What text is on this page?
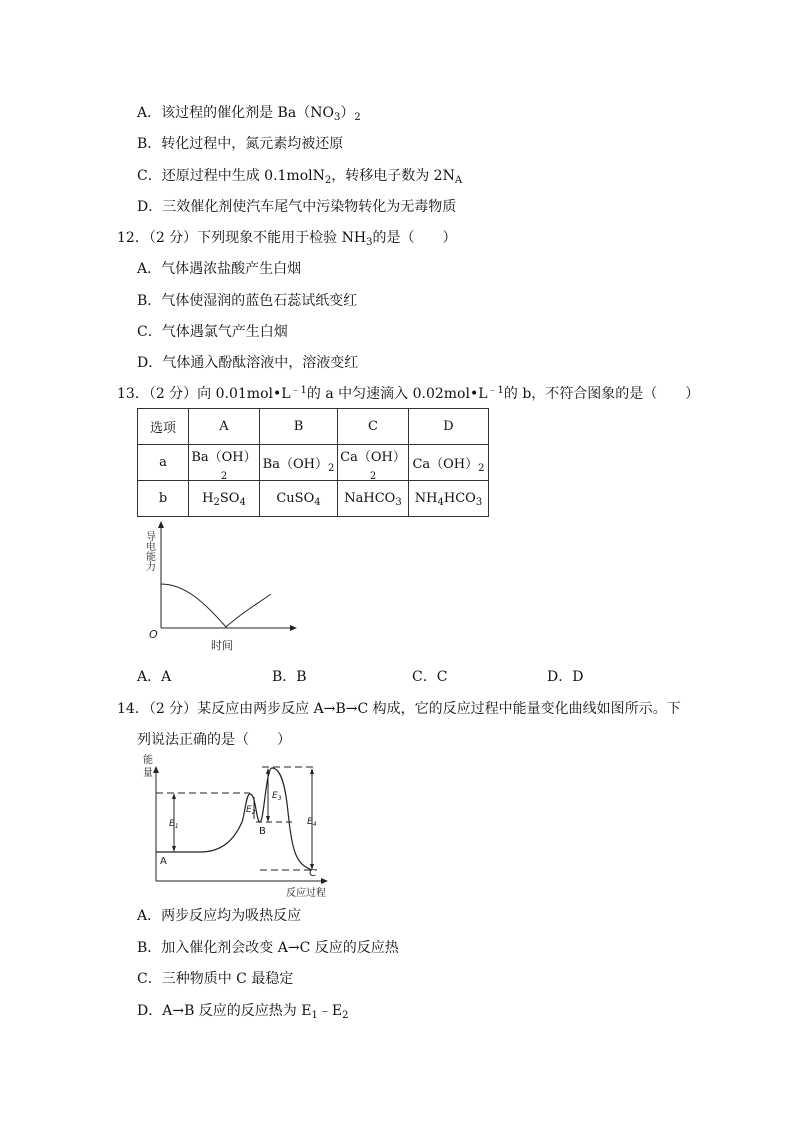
A．该过程的催化剂是 $Ba(NO_3)_2$
B．转化过程中，氮元素均被还原
C．还原过程中生成 0.1molN$_2$，转移电子数为 $2N_A$
D．三效催化剂使汽车尾气中污染物转化为无毒物质
12．（2 分）下列现象不能用于检验 $NH_3$的是（　　）
A．气体遇浓盐酸产生白烟
B．气体使湿润的蓝色石蕊试纸变红
C．气体遇氯气产生白烟
D．气体通入酚酞溶液中，溶液变红
13．（2 分）向 $0.01mol•L^{﹣1}$的 a 中匀速滴入 $0.02mol•L^{﹣1}$的 b，不符合图象的是（　　）
选项	A	B	C	D
a	$Ba(OH)_2$	$Ba(OH)_2$	$Ca(OH)_2$	$Ca(OH)_2$
b	$H_2SO_4$	CuSO$_4$	NaHCO$_3$	$NH_4HCO_3$
导电能力
时间
O
A．A	B．B	C．C	D．D
14．（2 分）某反应由两步反应 A→B→C 构成，它的反应过程中能量变化曲线如图所示。下
列说法正确的是（　　）
能
量
反应过程
$E_1$
$E_2$
$E_3$
$E_4$
A
B
C
A．两步反应均为吸热反应
B．加入催化剂会改变 A→C 反应的反应热
C．三种物质中 C 最稳定
D．A→B 反应的反应热为 $E_1﹣E_2$
